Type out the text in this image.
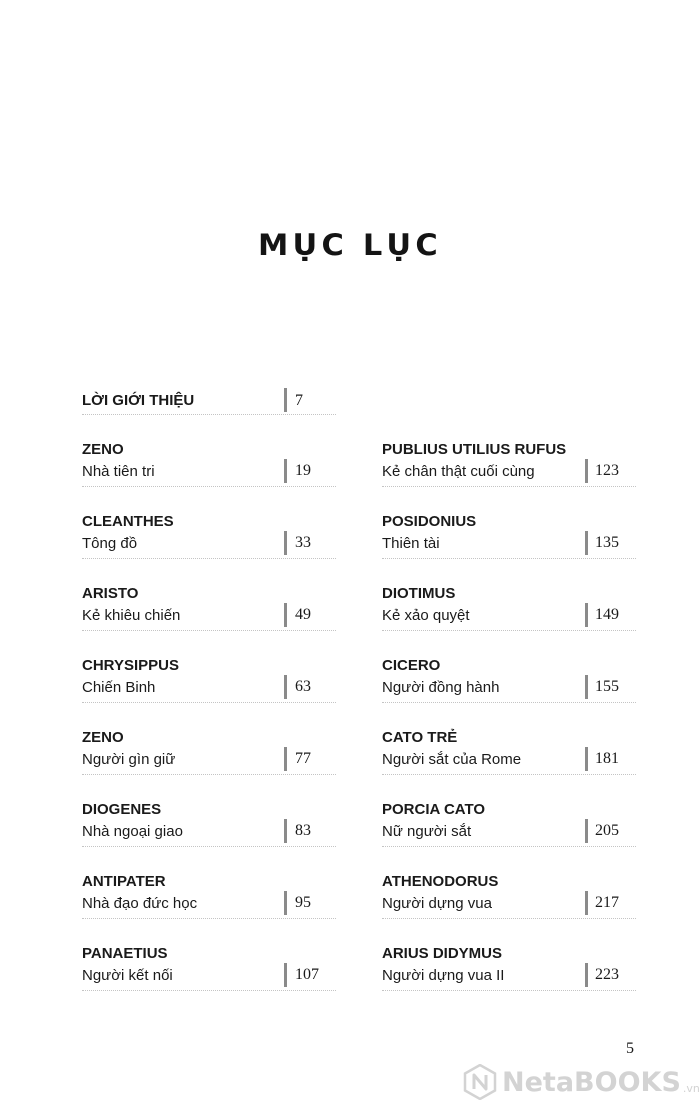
MỤC LỤC
LỜI GIỚI THIỆU	7
ZENO
Nhà tiên tri	19
CLEANTHES
Tông đồ	33
ARISTO
Kẻ khiêu chiến	49
CHRYSIPPUS
Chiến Binh	63
ZENO
Người gìn giữ	77
DIOGENES
Nhà ngoại giao	83
ANTIPATER
Nhà đạo đức học	95
PANAETIUS
Người kết nối	107
PUBLIUS UTILIUS RUFUS
Kẻ chân thật cuối cùng	123
POSIDONIUS
Thiên tài	135
DIOTIMUS
Kẻ xảo quyệt	149
CICERO
Người đồng hành	155
CATO TRẺ
Người sắt của Rome	181
PORCIA CATO
Nữ người sắt	205
ATHENODORUS
Người dựng vua	217
ARIUS DIDYMUS
Người dựng vua II	223
5
NetaBOOKS .vn
